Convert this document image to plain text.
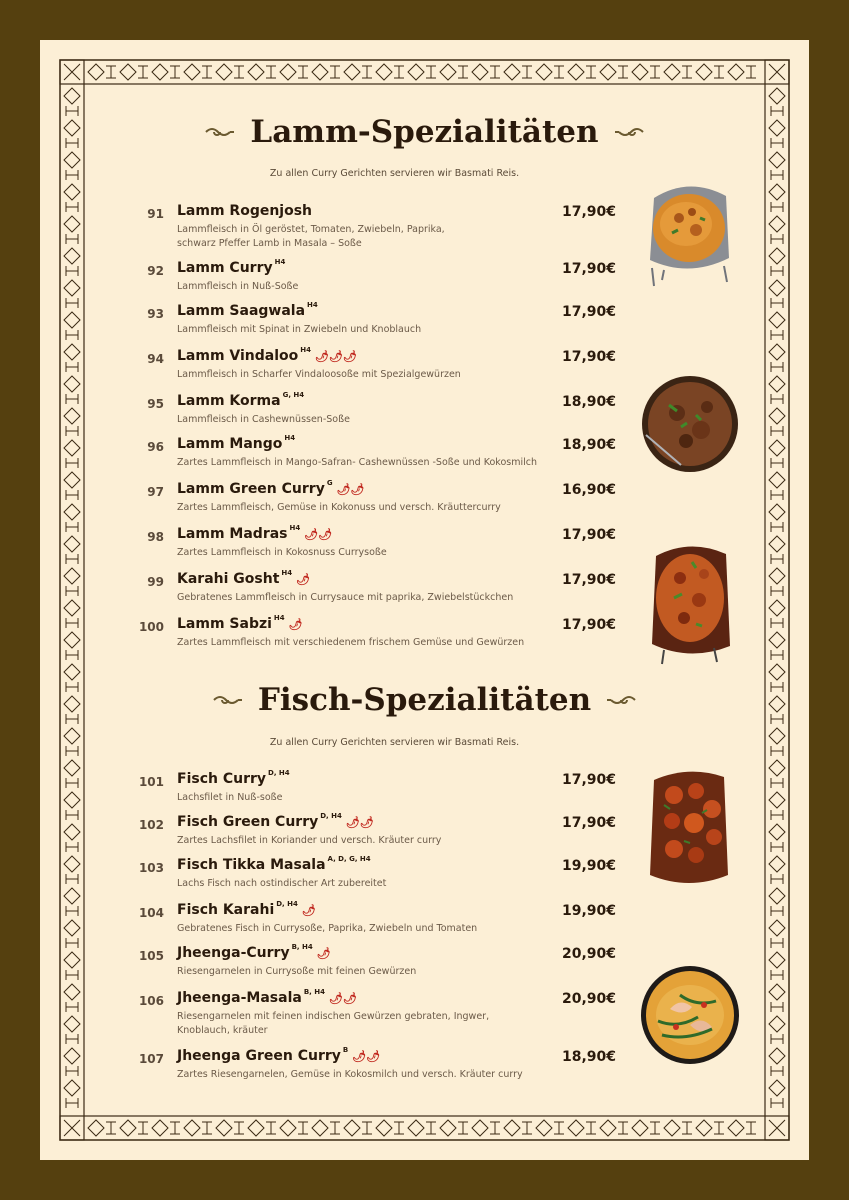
Lamm-Spezialitäten
Zu allen Curry Gerichten servieren wir Basmati Reis.
91 Lamm Rogenjosh	17,90€
Lammfleisch in Öl geröstet, Tomaten, Zwiebeln, Paprika,
schwarz Pfeffer Lamb in Masala – Soße
92 Lamm Curry $^{H4}$	17,90€
Lammfleisch in Nuß-Soße
93 Lamm Saagwala $^{H4}$	17,90€
Lammfleisch mit Spinat in Zwiebeln und Knoblauch
94 Lamm Vindaloo $^{H4}$ 🌶🌶🌶	17,90€
Lammfleisch in Scharfer Vindaloosoße mit Spezialgewürzen
95 Lamm Korma $^{G, H4}$	18,90€
Lammfleisch in Cashewnüssen-Soße
96 Lamm Mango $^{H4}$	18,90€
Zartes Lammfleisch in Mango-Safran- Cashewnüssen -Soße und Kokosmilch
97 Lamm Green Curry $^G$ 🌶🌶	16,90€
Zartes Lammfleisch, Gemüse in Kokonuss und versch. Kräuttercurry
98 Lamm Madras $^{H4}$ 🌶🌶	17,90€
Zartes Lammfleisch in Kokosnuss Currysoße
99 Karahi Gosht $^{H4}$ 🌶	17,90€
Gebratenes Lammfleisch in Currysauce mit paprika, Zwiebelstückchen
100 Lamm Sabzi $^{H4}$ 🌶	17,90€
Zartes Lammfleisch mit verschiedenem frischem Gemüse und Gewürzen
Fisch-Spezialitäten
Zu allen Curry Gerichten servieren wir Basmati Reis.
101 Fisch Curry $^{D, H4}$	17,90€
Lachsfilet in Nuß-soße
102 Fisch Green Curry $^{D, H4}$ 🌶🌶	17,90€
Zartes Lachsfilet in Koriander und versch. Kräuter curry
103 Fisch Tikka Masala $^{A, D, G, H4}$	19,90€
Lachs Fisch nach ostindischer Art zubereitet
104 Fisch Karahi $^{D, H4}$ 🌶	19,90€
Gebratenes Fisch in Currysoße, Paprika, Zwiebeln und Tomaten
105 Jheenga-Curry $^{B, H4}$ 🌶	20,90€
Riesengarnelen in Currysoße mit feinen Gewürzen
106 Jheenga-Masala $^{B, H4}$ 🌶🌶	20,90€
Riesengarnelen mit feinen indischen Gewürzen gebraten, Ingwer,
Knoblauch, kräuter
107 Jheenga Green Curry $^B$ 🌶🌶	18,90€
Zartes Riesengarnelen, Gemüse in Kokosmilch und versch. Kräuter curry
